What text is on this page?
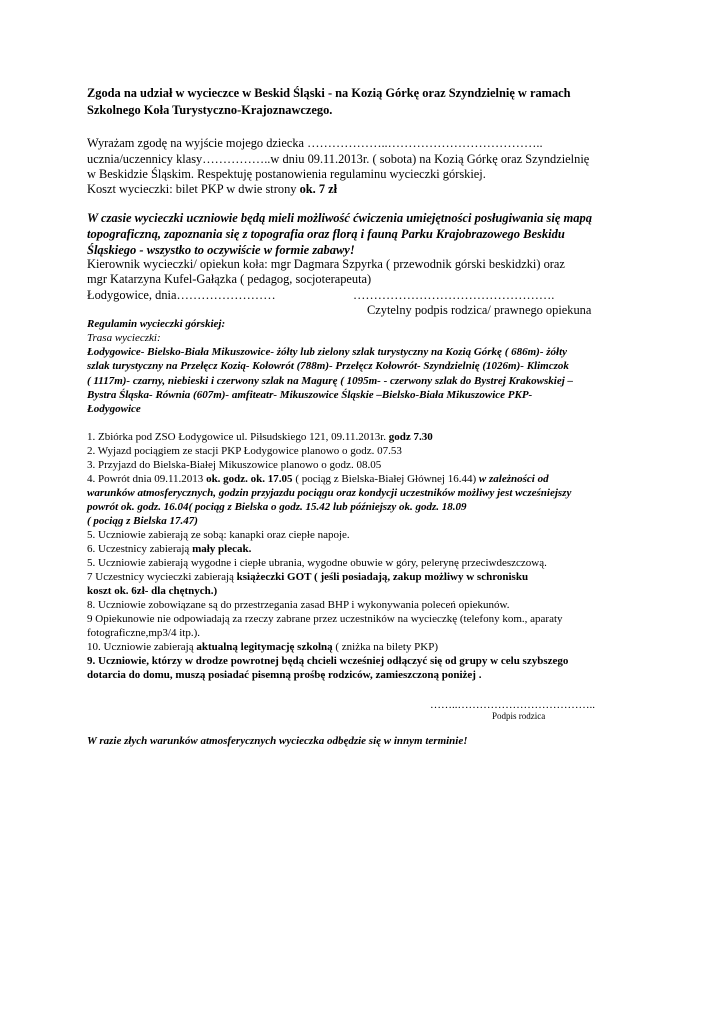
Zgoda na udział w wycieczce w Beskid Śląski - na Kozią Górkę oraz Szyndzielnię w ramach
Szkolnego Koła Turystyczno-Krajoznawczego.
Wyrażam zgodę na wyjście mojego dziecka ………………..………………………………..
ucznia/uczennicy klasy……………..w dniu 09.11.2013r. ( sobota) na Kozią Górkę oraz Szyndzielnię
w Beskidzie Śląskim. Respektuję postanowienia regulaminu wycieczki górskiej.
Koszt wycieczki: bilet PKP w dwie strony ok. 7 zł
W czasie wycieczki uczniowie będą mieli możliwość ćwiczenia umiejętności posługiwania się mapą
topograficzną, zapoznania się z topografia oraz florą i fauną Parku Krajobrazowego Beskidu
Śląskiego - wszystko to oczywiście w formie zabawy!
Kierownik wycieczki/ opiekun koła: mgr Dagmara Szpyrka ( przewodnik górski beskidzki) oraz
mgr Katarzyna Kufel-Gałązka ( pedagog, socjoterapeuta)
Łodygowice, dnia……………………	………………………………………….
Czytelny podpis rodzica/ prawnego opiekuna
Regulamin wycieczki górskiej:
Trasa wycieczki:
Łodygowice- Bielsko-Biała Mikuszowice- żółty lub zielony szlak turystyczny na Kozią Górkę ( 686m)- żółty
szlak turystyczny na Przełęcz Kozią- Kołowrót (788m)- Przełęcz Kołowrót- Szyndzielnię (1026m)- Klimczok
( 1117m)- czarny, niebieski i czerwony szlak na Magurę ( 1095m- - czerwony szlak do Bystrej Krakowskiej –
Bystra Śląska- Równia (607m)- amfiteatr- Mikuszowice Śląskie –Bielsko-Biała Mikuszowice PKP-
Łodygowice
1. Zbiórka pod ZSO Łodygowice ul. Piłsudskiego 121, 09.11.2013r. godz 7.30
2. Wyjazd pociągiem ze stacji PKP Łodygowice planowo o godz. 07.53
3. Przyjazd do Bielska-Białej Mikuszowice planowo o godz. 08.05
4. Powrót dnia 09.11.2013 ok. godz. ok. 17.05 ( pociąg z Bielska-Białej Głównej 16.44) w zależności od
warunków atmosferycznych, godzin przyjazdu pociągu oraz kondycji uczestników możliwy jest wcześniejszy
powrót ok. godz. 16.04( pociąg z Bielska o godz. 15.42 lub późniejszy ok. godz. 18.09
( pociąg z Bielska 17.47)
5. Uczniowie zabierają ze sobą: kanapki oraz ciepłe napoje.
6. Uczestnicy zabierają mały plecak.
5. Uczniowie zabierają wygodne i ciepłe ubrania, wygodne obuwie w góry, pelerynę przeciwdeszczową.
7 Uczestnicy wycieczki zabierają książeczki GOT ( jeśli posiadają, zakup możliwy w schronisku
koszt ok. 6zł- dla chętnych.)
8. Uczniowie zobowiązane są do przestrzegania zasad BHP i wykonywania poleceń opiekunów.
9 Opiekunowie nie odpowiadają za rzeczy zabrane przez uczestników na wycieczkę (telefony kom., aparaty
fotograficzne,mp3/4 itp.).
10. Uczniowie zabierają aktualną legitymację szkolną ( zniżka na bilety PKP)
9. Uczniowie, którzy w drodze powrotnej będą chcieli wcześniej odłączyć się od grupy w celu szybszego
dotarcia do domu, muszą posiadać pisemną prośbę rodziców, zamieszczoną poniżej .
……..………………………………..
Podpis rodzica
W razie złych warunków atmosferycznych wycieczka odbędzie się w innym terminie!
